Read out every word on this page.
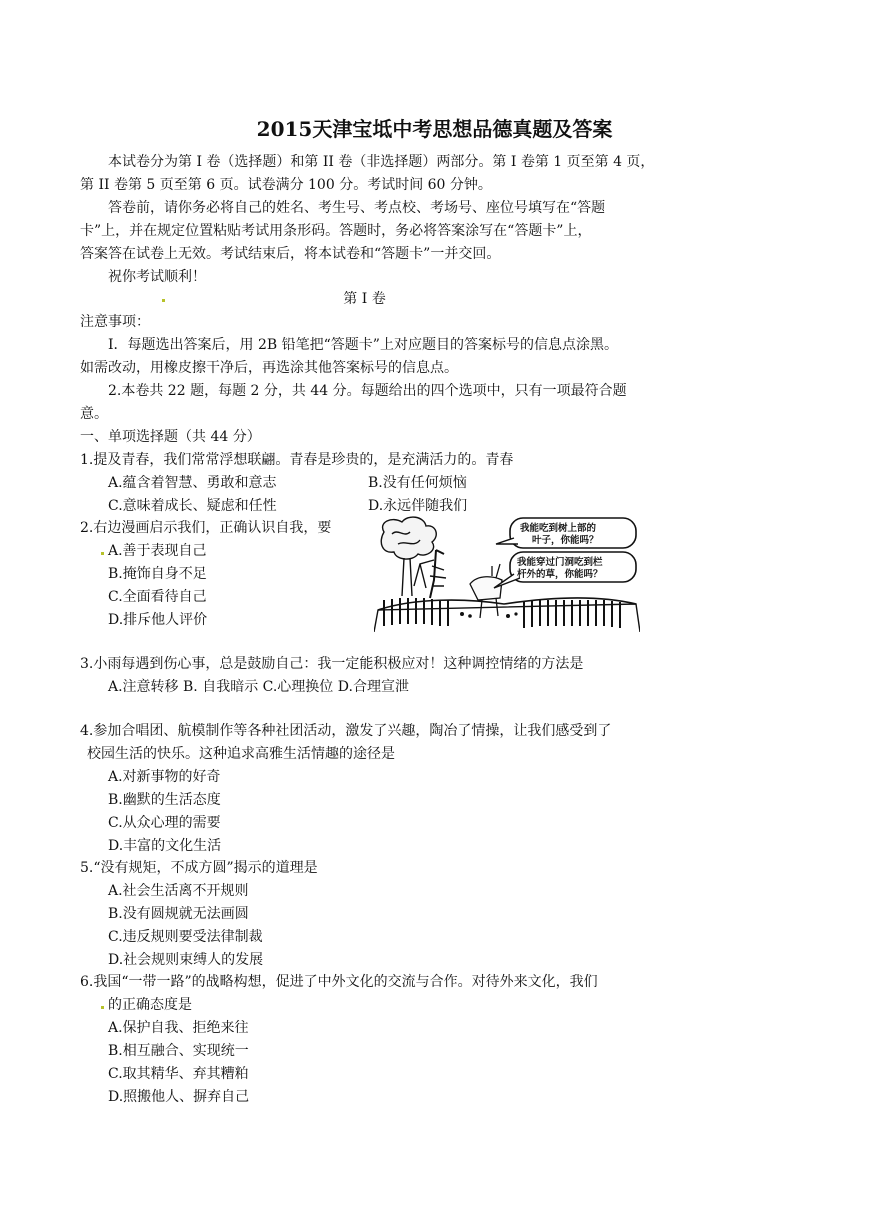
2015天津宝坻中考思想品德真题及答案
本试卷分为第 I 卷（选择题）和第 II 卷（非选择题）两部分。第 I 卷第 1 页至第 4 页，
第 II 卷第 5 页至第 6 页。试卷满分 100 分。考试时间 60 分钟。
答卷前，请你务必将自己的姓名、考生号、考点校、考场号、座位号填写在“答题
卡”上，并在规定位置粘贴考试用条形码。答题时，务必将答案涂写在“答题卡”上，
答案答在试卷上无效。考试结束后，将本试卷和“答题卡”一并交回。
祝你考试顺利！
第 I 卷
注意事项：
I．每题选出答案后，用 2B 铅笔把“答题卡”上对应题目的答案标号的信息点涂黑。
如需改动，用橡皮擦干净后，再选涂其他答案标号的信息点。
2.本卷共 22 题，每题 2 分，共 44 分。每题给出的四个选项中，只有一项最符合题
意。
一、单项选择题（共 44 分）
1.提及青春，我们常常浮想联翩。青春是珍贵的，是充满活力的。青春
A.蕴含着智慧、勇敢和意志	B.没有任何烦恼
C.意味着成长、疑虑和任性	D.永远伴随我们
2.右边漫画启示我们，正确认识自我，要
A.善于表现自己
B.掩饰自身不足
C.全面看待自己
D.排斥他人评价
我能吃到树上部的
叶子，你能吗？
我能穿过门洞吃到栏
杆外的草，你能吗？
3.小雨每遇到伤心事，总是鼓励自己：我一定能积极应对！这种调控情绪的方法是
A.注意转移 B. 自我暗示 C.心理换位 D.合理宣泄
4.参加合唱团、航模制作等各种社团活动，激发了兴趣，陶冶了情操，让我们感受到了
校园生活的快乐。这种追求高雅生活情趣的途径是
A.对新事物的好奇
B.幽默的生活态度
C.从众心理的需要
D.丰富的文化生活
5.“没有规矩，不成方圆”揭示的道理是
A.社会生活离不开规则
B.没有圆规就无法画圆
C.违反规则要受法律制裁
D.社会规则束缚人的发展
6.我国“一带一路”的战略构想，促进了中外文化的交流与合作。对待外来文化，我们
的正确态度是
A.保护自我、拒绝来往
B.相互融合、实现统一
C.取其精华、弃其糟粕
D.照搬他人、摒弃自己
